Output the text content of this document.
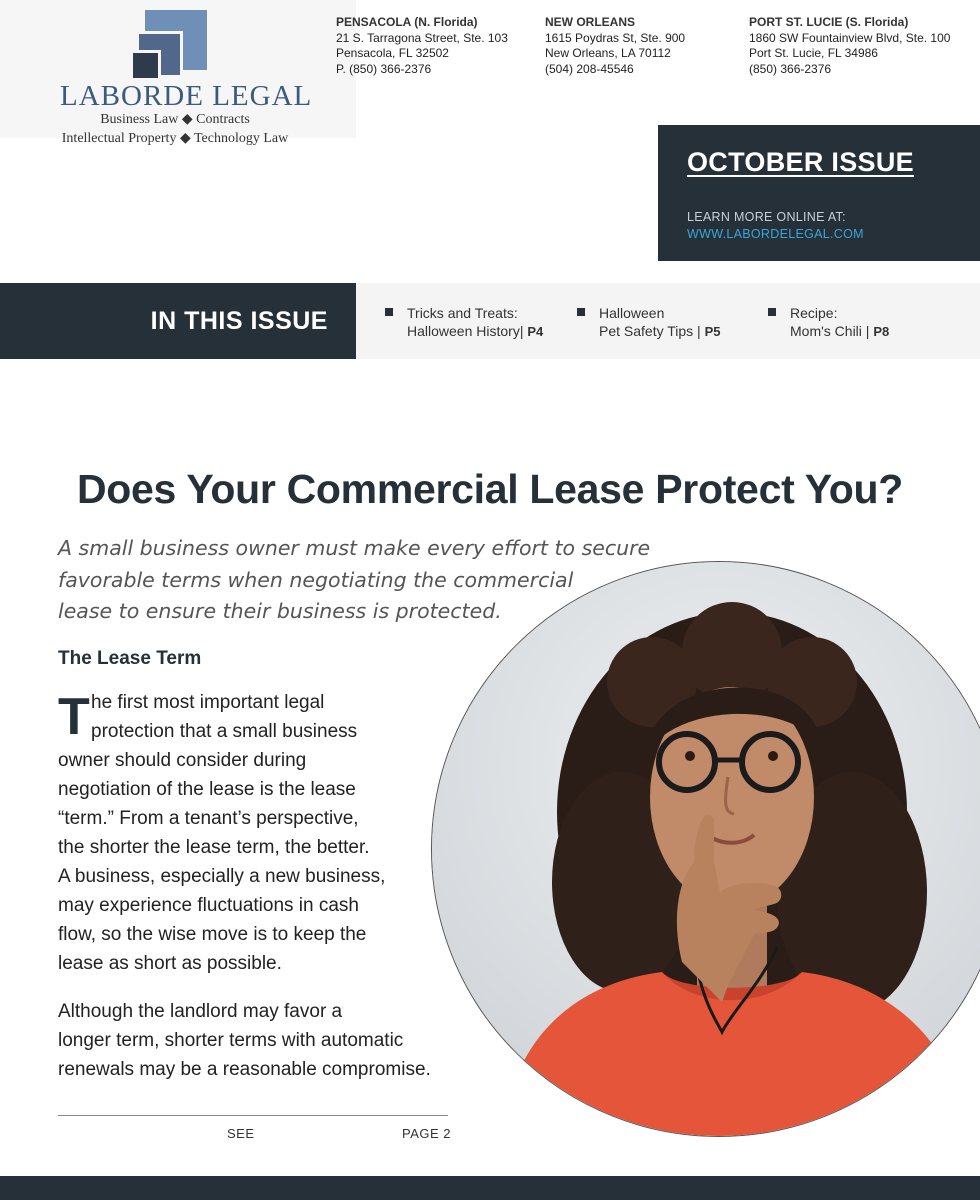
LABORDE LEGAL
Business Law ◆ Contracts
Intellectual Property ◆ Technology Law
PENSACOLA (N. Florida)
21 S. Tarragona Street, Ste. 103
Pensacola, FL 32502
P. (850) 366-2376
NEW ORLEANS
1615 Poydras St, Ste. 900
New Orleans, LA 70112
(504) 208-45546
PORT ST. LUCIE (S. Florida)
1860 SW Fountainview Blvd, Ste. 100
Port St. Lucie, FL 34986
(850) 366-2376
OCTOBER ISSUE
LEARN MORE ONLINE AT:
WWW.LABORDELEGAL.COM
IN THIS ISSUE	Tricks and Treats:
Halloween History| P4
Halloween
Pet Safety Tips | P5
Recipe:
Mom's Chili | P8
Does Your Commercial Lease Protect You?
A small business owner must make every effort to secure
favorable terms when negotiating the commercial
lease to ensure their business is protected.
The Lease Term
T he first most important legal
protection that a small business
owner should consider during
negotiation of the lease is the lease
“term.” From a tenant’s perspective,
the shorter the lease term, the better.
A business, especially a new business,
may experience fluctuations in cash
flow, so the wise move is to keep the
lease as short as possible.
Although the landlord may favor a
longer term, shorter terms with automatic
renewals may be a reasonable compromise.
SEE	PAGE 2
